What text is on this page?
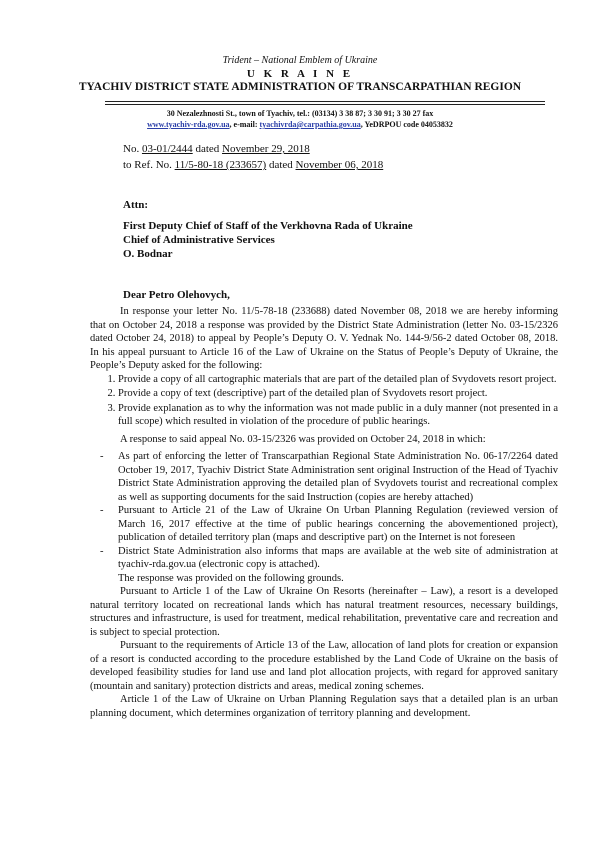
Trident – National Emblem of Ukraine
U K R A I N E
TYACHIV DISTRICT STATE ADMINISTRATION OF TRANSCARPATHIAN REGION
30 Nezalezhnosti St., town of Tyachiv, tel.: (03134) 3 38 87; 3 30 91; 3 30 27 fax
www.tyachiv-rda.gov.ua, e-mail: tyachivrda@carpathia.gov.ua, YeDRPOU code 04053832
No. 03-01/2444 dated November 29, 2018
to Ref. No. 11/5-80-18 (233657) dated November 06, 2018
Attn:
First Deputy Chief of Staff of the Verkhovna Rada of Ukraine
Chief of Administrative Services
O. Bodnar
Dear Petro Olehovych,

In response your letter No. 11/5-78-18 (233688) dated November 08, 2018 we are hereby informing that on October 24, 2018 a response was provided by the District State Administration (letter No. 03-15/2326 dated October 24, 2018) to appeal by People’s Deputy O. V. Yednak No. 144-9/56-2 dated October 08, 2018. In his appeal pursuant to Article 16 of the Law of Ukraine on the Status of People’s Deputy of Ukraine, the People’s Deputy asked for the following:

1. Provide a copy of all cartographic materials that are part of the detailed plan of Svydovets resort project.
2. Provide a copy of text (descriptive) part of the detailed plan of Svydovets resort project.
3. Provide explanation as to why the information was not made public in a duly manner (not presented in a full scope) which resulted in violation of the procedure of public hearings.

A response to said appeal No. 03-15/2326 was provided on October 24, 2018 in which:

- As part of enforcing the letter of Transcarpathian Regional State Administration No. 06-17/2264 dated October 19, 2017, Tyachiv District State Administration sent original Instruction of the Head of Tyachiv District State Administration approving the detailed plan of Svydovets tourist and recreational complex as well as supporting documents for the said Instruction (copies are hereby attached)
- Pursuant to Article 21 of the Law of Ukraine On Urban Planning Regulation (reviewed version of March 16, 2017 effective at the time of public hearings concerning the abovementioned project), publication of detailed territory plan (maps and descriptive part) on the Internet is not foreseen
- District State Administration also informs that maps are available at the web site of administration at tyachiv-rda.gov.ua (electronic copy is attached).

The response was provided on the following grounds.

Pursuant to Article 1 of the Law of Ukraine On Resorts (hereinafter – Law), a resort is a developed natural territory located on recreational lands which has natural treatment resources, necessary buildings, structures and infrastructure, is used for treatment, medical rehabilitation, preventative care and recreation and is subject to special protection.

Pursuant to the requirements of Article 13 of the Law, allocation of land plots for creation or expansion of a resort is conducted according to the procedure established by the Land Code of Ukraine on the basis of developed feasibility studies for land use and land plot allocation projects, with regard for approved sanitary (mountain and sanitary) protection districts and areas, medical zoning schemes.

Article 1 of the Law of Ukraine on Urban Planning Regulation says that a detailed plan is an urban planning document, which determines organization of territory planning and development.
